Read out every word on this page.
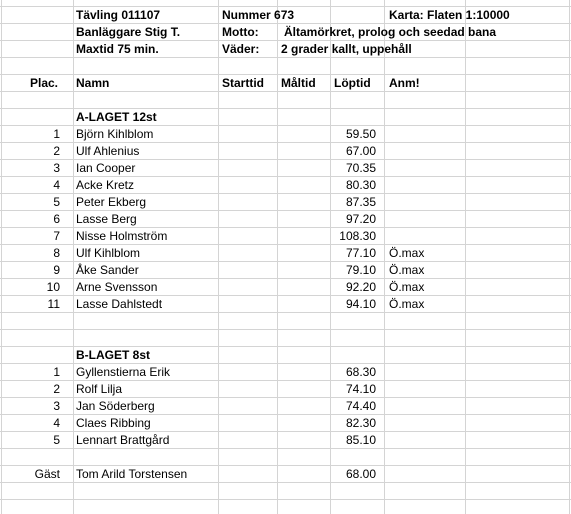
Tävling 011107	Nummer 673	Karta: Flaten 1:10000
Banläggare Stig T.	Motto: Ältamörkret, prolog och seedad bana
Maxtid 75 min.	Väder: 2 grader kallt, uppehåll
Plac. Namn	Starttid Måltid Löptid Anm!
A-LAGET 12st
1 Björn Kihlblom	59.50
2 Ulf Ahlenius	67.00
3 Ian Cooper	70.35
4 Acke Kretz	80.30
5 Peter Ekberg	87.35
6 Lasse Berg	97.20
7 Nisse Holmström	108.30
8 Ulf Kihlblom	77.10 Ö.max
9 Åke Sander	79.10 Ö.max
10 Arne Svensson	92.20 Ö.max
11 Lasse Dahlstedt	94.10 Ö.max
B-LAGET 8st
1 Gyllenstierna Erik	68.30
2 Rolf Lilja	74.10
3 Jan Söderberg	74.40
4 Claes Ribbing	82.30
5 Lennart Brattgård	85.10
Gäst Tom Arild Torstensen	68.00
